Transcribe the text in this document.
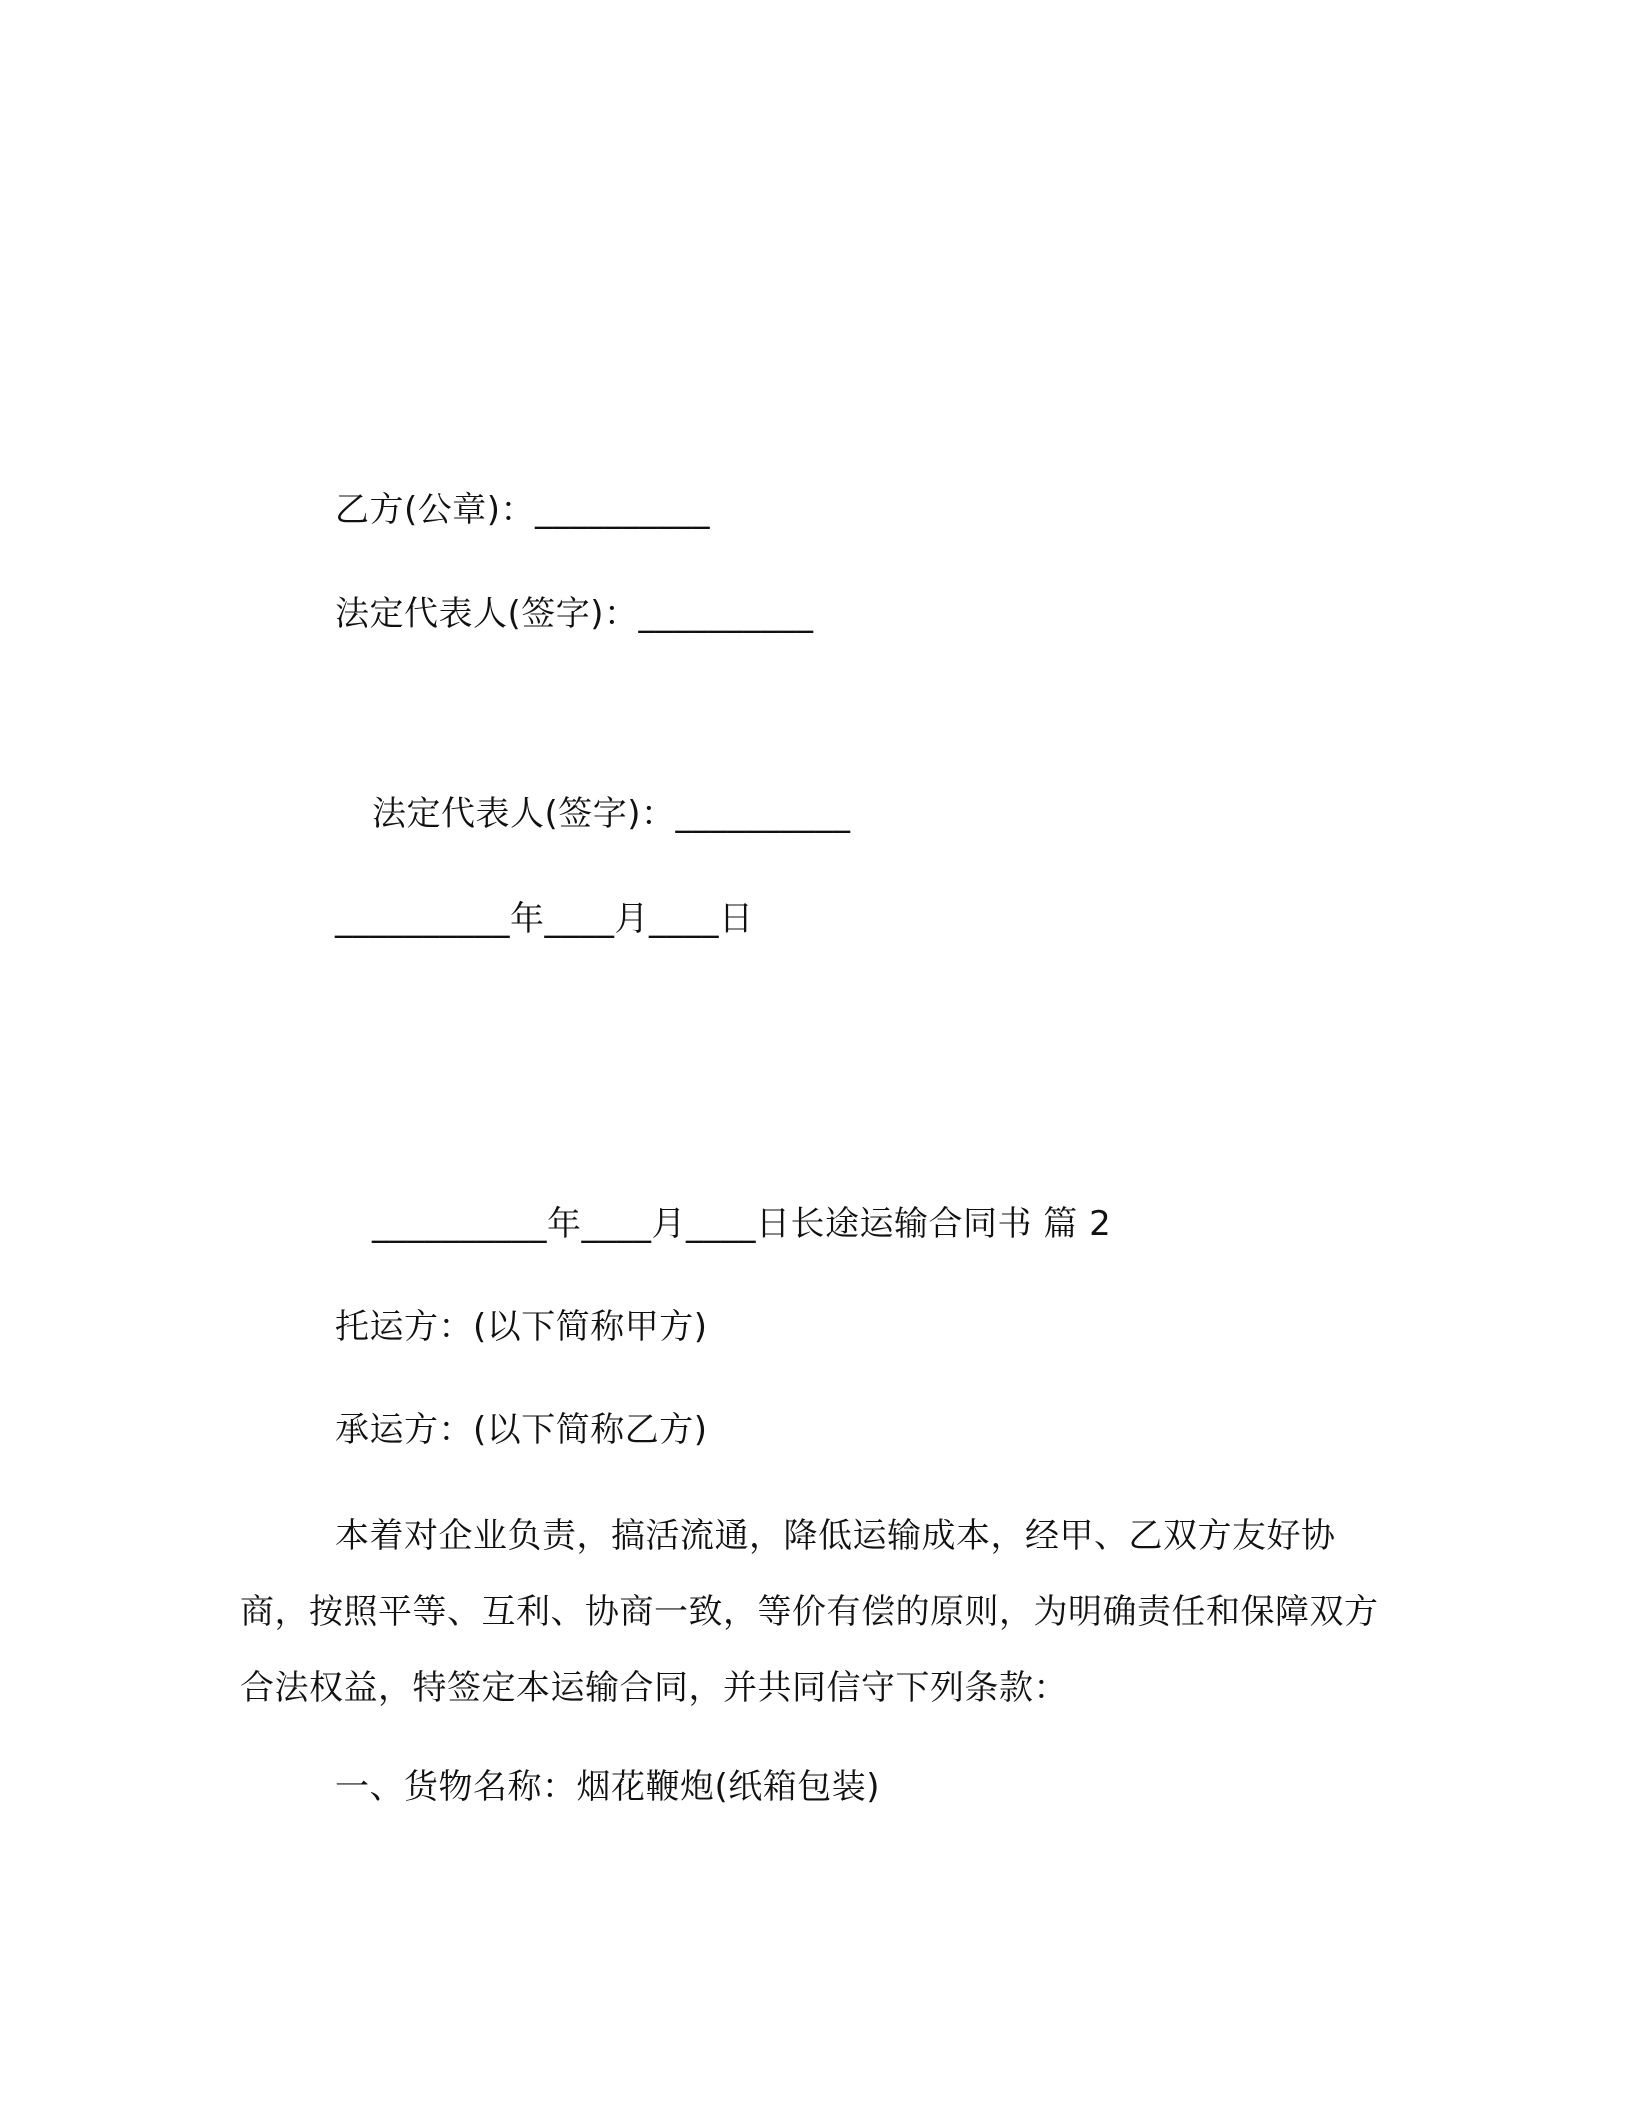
乙方(公章)：__________
法定代表人(签字)：__________
法定代表人(签字)：__________
__________年____月____日
__________年____月____日长途运输合同书 篇 2
托运方：(以下简称甲方)
承运方：(以下简称乙方)

本着对企业负责，搞活流通，降低运输成本，经甲、乙双方友好协商，按照平等、互利、协商一致，等价有偿的原则，为明确责任和保障双方合法权益，特签定本运输合同，并共同信守下列条款：

一、货物名称：烟花鞭炮(纸箱包装)
